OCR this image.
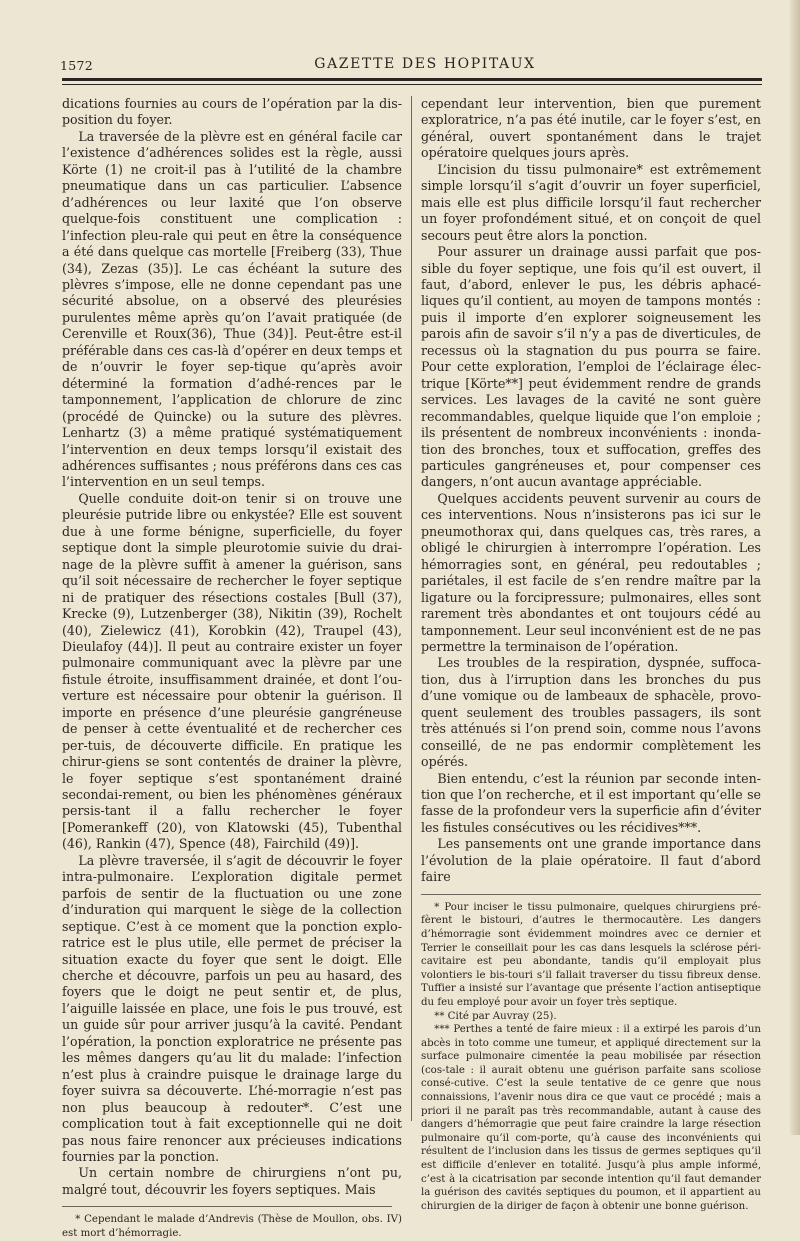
1572	GAZETTE DES HOPITAUX

dications fournies au cours de l’opération par la dis-position du foyer.

La traversée de la plèvre est en général facile car l’existence d’adhérences solides est la règle, aussi Körte (1) ne croit-il pas à l’utilité de la chambre pneumatique dans un cas particulier. L’absence d’adhérences ou leur laxité que l’on observe quelque-fois constituent une complication : l’infection pleu-rale qui peut en être la conséquence a été dans quelque cas mortelle [Freiberg (33), Thue (34), Zezas (35)]. Le cas échéant la suture des plèvres s’impose, elle ne donne cependant pas une sécurité absolue, on a observé des pleurésies purulentes même après qu’on l’avait pratiquée (de Cerenville et Roux(36), Thue (34)]. Peut-être est-il préférable dans ces cas-là d’opérer en deux temps et de n’ouvrir le foyer sep-tique qu’après avoir déterminé la formation d’adhé-rences par le tamponnement, l’application de chlorure de zinc (procédé de Quincke) ou la suture des plèvres. Lenhartz (3) a même pratiqué systématiquement l’intervention en deux temps lorsqu’il existait des adhérences suffisantes ; nous préférons dans ces cas l’intervention en un seul temps.

Quelle conduite doit-on tenir si on trouve une pleurésie putride libre ou enkystée? Elle est souvent due à une forme bénigne, superficielle, du foyer septique dont la simple pleurotomie suivie du drai-nage de la plèvre suffit à amener la guérison, sans qu’il soit nécessaire de rechercher le foyer septique ni de pratiquer des résections costales [Bull (37), Krecke (9), Lutzenberger (38), Nikitin (39), Rochelt (40), Zielewicz (41), Korobkin (42), Traupel (43), Dieulafoy (44)]. Il peut au contraire exister un foyer pulmonaire communiquant avec la plèvre par une fistule étroite, insuffisamment drainée, et dont l’ou-verture est nécessaire pour obtenir la guérison. Il importe en présence d’une pleurésie gangréneuse de penser à cette éventualité et de rechercher ces per-tuis, de découverte difficile. En pratique les chirur-giens se sont contentés de drainer la plèvre, le foyer septique s’est spontanément drainé secondai-rement, ou bien les phénomènes généraux persis-tant il a fallu rechercher le foyer [Pomerankeff (20), von Klatowski (45), Tubenthal (46), Rankin (47), Spence (48), Fairchild (49)].

La plèvre traversée, il s’agit de découvrir le foyer intra-pulmonaire. L’exploration digitale permet parfois de sentir de la fluctuation ou une zone d’induration qui marquent le siège de la collection septique. C’est à ce moment que la ponction explo-ratrice est le plus utile, elle permet de préciser la situation exacte du foyer que sent le doigt. Elle cherche et découvre, parfois un peu au hasard, des foyers que le doigt ne peut sentir et, de plus, l’aiguille laissée en place, une fois le pus trouvé, est un guide sûr pour arriver jusqu’à la cavité. Pendant l’opération, la ponction exploratrice ne présente pas les mêmes dangers qu’au lit du malade: l’infection n’est plus à craindre puisque le drainage large du foyer suivra sa découverte. L’hé-morragie n’est pas non plus beaucoup à redouter*. C’est une complication tout à fait exceptionnelle qui ne doit pas nous faire renoncer aux précieuses indications fournies par la ponction.

Un certain nombre de chirurgiens n’ont pu, malgré tout, découvrir les foyers septiques. Mais

* Cependant le malade d’Andrevis (Thèse de Moullon, obs. IV) est mort d’hémorragie.

cependant leur intervention, bien que purement exploratrice, n’a pas été inutile, car le foyer s’est, en général, ouvert spontanément dans le trajet opératoire quelques jours après.

L’incision du tissu pulmonaire* est extrêmement simple lorsqu’il s’agit d’ouvrir un foyer superficiel, mais elle est plus difficile lorsqu’il faut rechercher un foyer profondément situé, et on conçoit de quel secours peut être alors la ponction.

Pour assurer un drainage aussi parfait que pos-sible du foyer septique, une fois qu’il est ouvert, il faut, d’abord, enlever le pus, les débris aphacé-liques qu’il contient, au moyen de tampons montés : puis il importe d’en explorer soigneusement les parois afin de savoir s’il n’y a pas de diverticules, de recessus où la stagnation du pus pourra se faire. Pour cette exploration, l’emploi de l’éclairage élec-trique [Körte**] peut évidemment rendre de grands services. Les lavages de la cavité ne sont guère recommandables, quelque liquide que l’on emploie ; ils présentent de nombreux inconvénients : inonda-tion des bronches, toux et suffocation, greffes des particules gangréneuses et, pour compenser ces dangers, n’ont aucun avantage appréciable.

Quelques accidents peuvent survenir au cours de ces interventions. Nous n’insisterons pas ici sur le pneumothorax qui, dans quelques cas, très rares, a obligé le chirurgien à interrompre l’opération. Les hémorragies sont, en général, peu redoutables ; pariétales, il est facile de s’en rendre maître par la ligature ou la forcipressure; pulmonaires, elles sont rarement très abondantes et ont toujours cédé au tamponnement. Leur seul inconvénient est de ne pas permettre la terminaison de l’opération.

Les troubles de la respiration, dyspnée, suffoca-tion, dus à l’irruption dans les bronches du pus d’une vomique ou de lambeaux de sphacèle, provo-quent seulement des troubles passagers, ils sont très atténués si l’on prend soin, comme nous l’avons conseillé, de ne pas endormir complètement les opérés.

Bien entendu, c’est la réunion par seconde inten-tion que l’on recherche, et il est important qu’elle se fasse de la profondeur vers la superficie afin d’éviter les fistules consécutives ou les récidives***.

Les pansements ont une grande importance dans l’évolution de la plaie opératoire. Il faut d’abord faire

* Pour inciser le tissu pulmonaire, quelques chirurgiens pré-fèrent le bistouri, d’autres le thermocautère. Les dangers d’hémorragie sont évidemment moindres avec ce dernier et Terrier le conseillait pour les cas dans lesquels la sclérose péri-cavitaire est peu abondante, tandis qu’il employait plus volontiers le bis-touri s’il fallait traverser du tissu fibreux dense. Tuffier a insisté sur l’avantage que présente l’action antiseptique du feu employé pour avoir un foyer très septique.

** Cité par Auvray (25).

*** Perthes a tenté de faire mieux : il a extirpé les parois d’un abcès in toto comme une tumeur, et appliqué directement sur la surface pulmonaire cimentée la peau mobilisée par résection (cos-tale : il aurait obtenu une guérison parfaite sans scoliose consé-cutive. C’est la seule tentative de ce genre que nous connaissions, l’avenir nous dira ce que vaut ce procédé ; mais a priori il ne paraît pas très recommandable, autant à cause des dangers d’hémorragie que peut faire craindre la large résection pulmonaire qu’il com-porte, qu’à cause des inconvénients qui résultent de l’inclusion dans les tissus de germes septiques qu’il est difficile d’enlever en totalité. Jusqu’à plus ample informé, c’est à la cicatrisation par seconde intention qu’il faut demander la guérison des cavités septiques du poumon, et il appartient au chirurgien de la diriger de façon à obtenir une bonne guérison.
